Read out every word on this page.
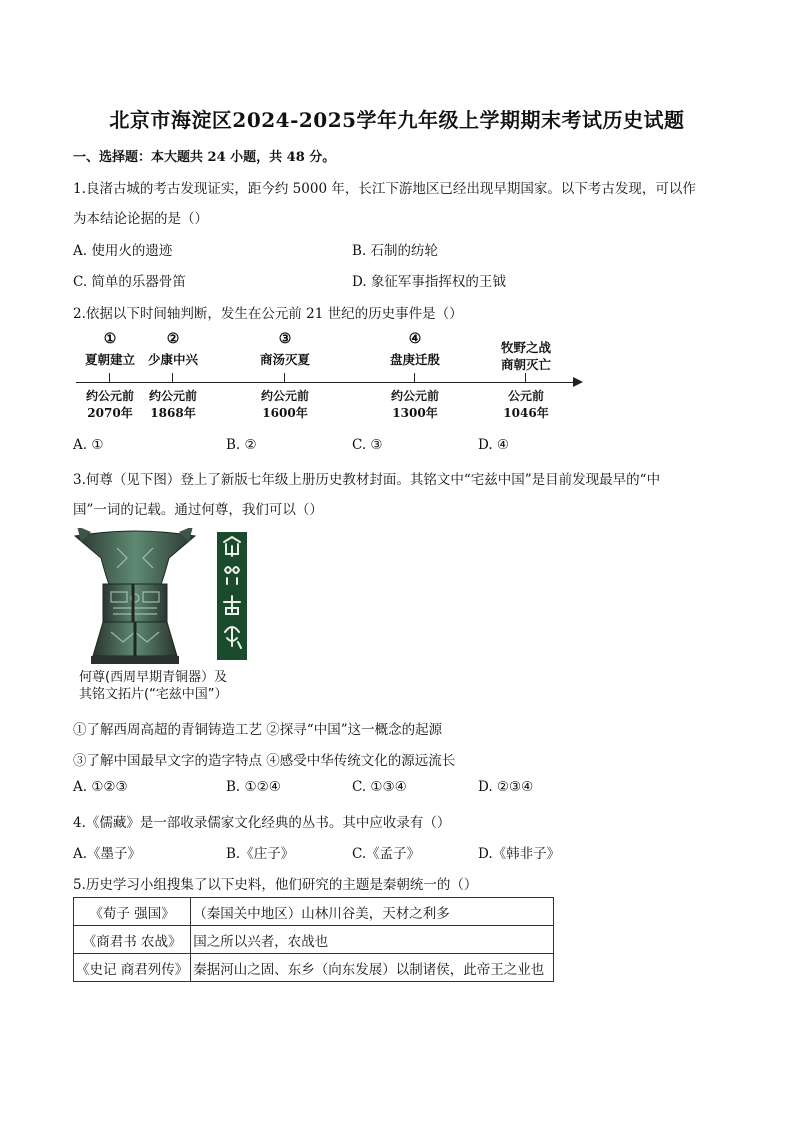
北京市海淀区2024-2025学年九年级上学期期末考试历史试题
一、选择题：本大题共 24 小题，共 48 分。
1.良渚古城的考古发现证实，距今约 5000 年，长江下游地区已经出现早期国家。以下考古发现，可以作
为本结论论据的是（）
A. 使用火的遗迹	B. 石制的纺轮
C. 简单的乐器骨笛	D. 象征军事指挥权的王钺
2.依据以下时间轴判断，发生在公元前 21 世纪的历史事件是（）
①	②	③	④
夏朝建立 少康中兴	商汤灭夏	盘庚迁殷
牧野之战
商朝灭亡
约公元前
2070年
约公元前
1868年
约公元前
1600年
约公元前
1300年
公元前
1046年
A. ①	B. ②	C. ③	D. ④
3.何尊（见下图）登上了新版七年级上册历史教材封面。其铭文中“宅兹中国”是目前发现最早的“中
国”一词的记载。通过何尊，我们可以（）
何尊(西周早期青铜器）及
其铭文拓片(“宅兹中国”）
①了解西周高超的青铜铸造工艺 ②探寻“中国”这一概念的起源
③了解中国最早文字的造字特点 ④感受中华传统文化的源远流长
A. ①②③	B. ①②④	C. ①③④	D. ②③④
4.《儒藏》是一部收录儒家文化经典的丛书。其中应收录有（）
A.《墨子》	B.《庄子》	C.《孟子》	D.《韩非子》
5.历史学习小组搜集了以下史料，他们研究的主题是秦朝统一的（）
《荀子 强国》	（秦国关中地区）山林川谷美，天材之利多
《商君书 农战》	国之所以兴者，农战也
《史记 商君列传》	秦据河山之固、东乡（向东发展）以制诸侯，此帝王之业也
